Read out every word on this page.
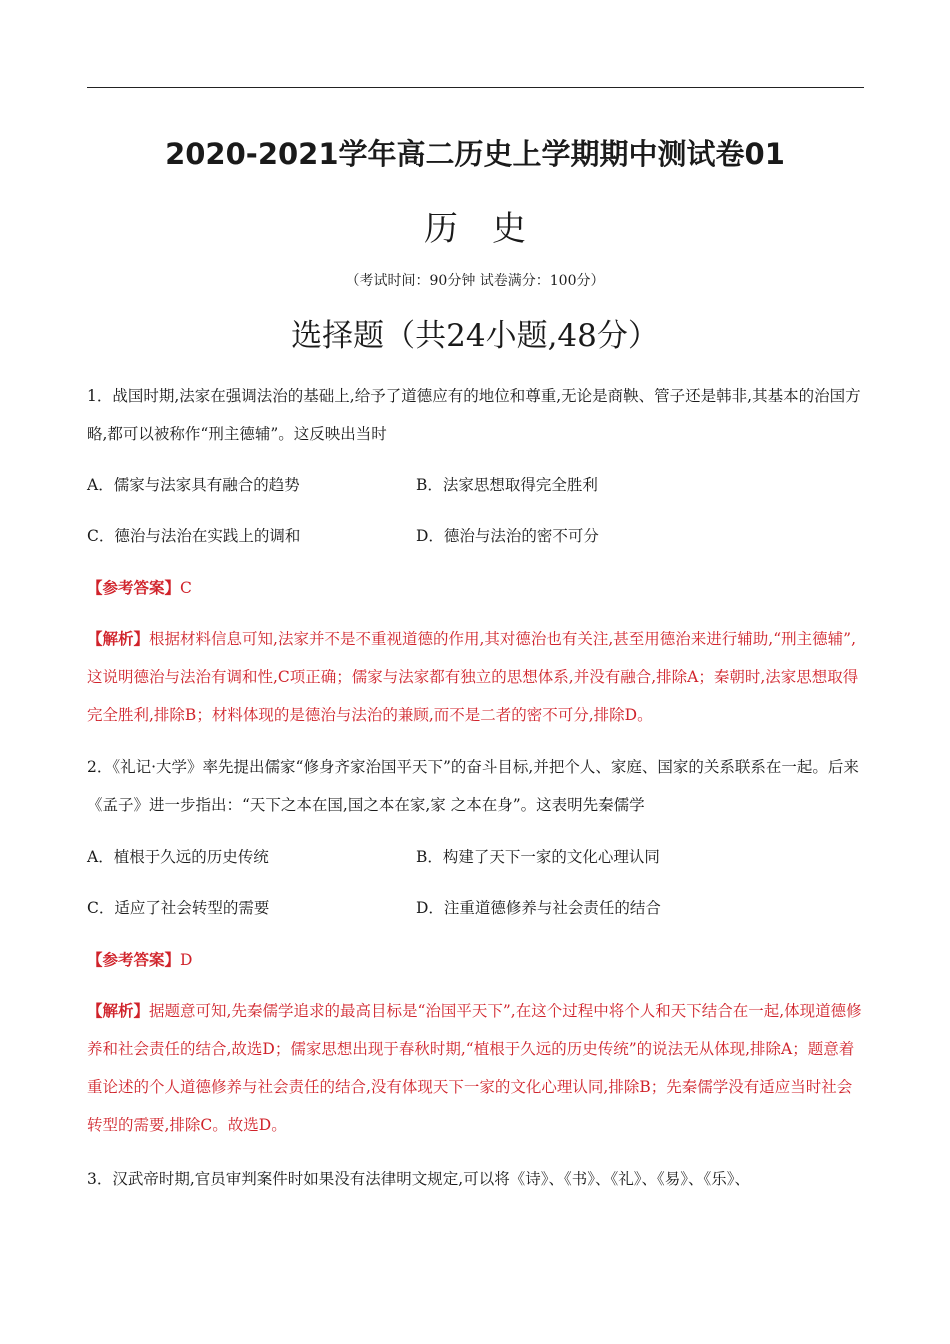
2020-2021学年高二历史上学期期中测试卷01
历史
（考试时间：90分钟 试卷满分：100分）
选择题（共24小题,48分）
1．战国时期,法家在强调法治的基础上,给予了道德应有的地位和尊重,无论是商鞅、管子还是韩非,其基本的治国方略,都可以被称作“刑主德辅”。这反映出当时
A．儒家与法家具有融合的趋势	B．法家思想取得完全胜利
C．德治与法治在实践上的调和	D．德治与法治的密不可分
【参考答案】C
【解析】根据材料信息可知,法家并不是不重视道德的作用,其对德治也有关注,甚至用德治来进行辅助,“刑主德辅”,这说明德治与法治有调和性,C项正确；儒家与法家都有独立的思想体系,并没有融合,排除A；秦朝时,法家思想取得完全胜利,排除B；材料体现的是德治与法治的兼顾,而不是二者的密不可分,排除D。
2．《礼记·大学》率先提出儒家“修身齐家治国平天下”的奋斗目标,并把个人、家庭、国家的关系联系在一起。后来《孟子》进一步指出：“天下之本在国,国之本在家,家 之本在身”。这表明先秦儒学
A．植根于久远的历史传统	B．构建了天下一家的文化心理认同
C．适应了社会转型的需要	D．注重道德修养与社会责任的结合
【参考答案】D
【解析】据题意可知,先秦儒学追求的最高目标是“治国平天下”,在这个过程中将个人和天下结合在一起,体现道德修养和社会责任的结合,故选D；儒家思想出现于春秋时期,“植根于久远的历史传统”的说法无从体现,排除A；题意着重论述的个人道德修养与社会责任的结合,没有体现天下一家的文化心理认同,排除B；先秦儒学没有适应当时社会转型的需要,排除C。故选D。
3．汉武帝时期,官员审判案件时如果没有法律明文规定,可以将《诗》、《书》、《礼》、《易》、《乐》、
